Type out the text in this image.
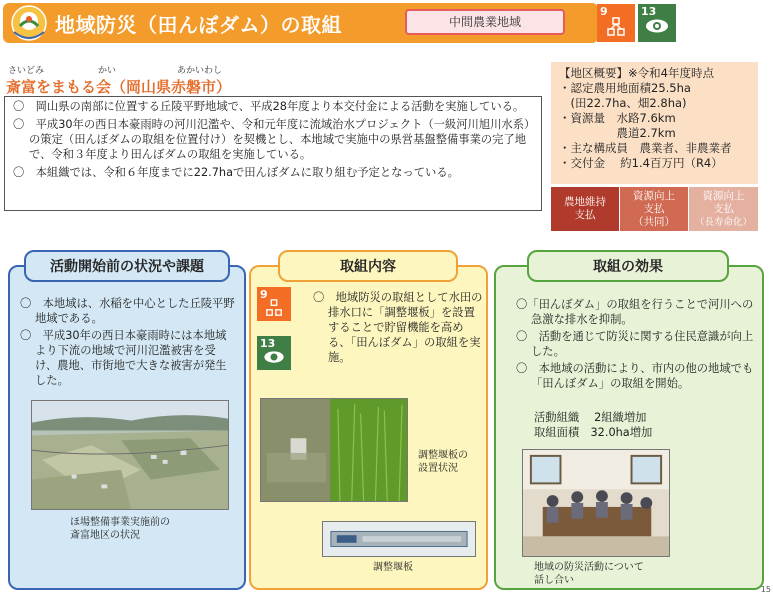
地域防災（田んぼダム）の取組	中間農業地域
9	13
さいどみ	かい	あかいわし
斎富をまもる会（岡山県赤磐市）

〇　岡山県の南部に位置する丘陵平野地域で、平成28年度より本交付金による活動を実施している。

〇　平成30年の西日本豪雨時の河川氾濫や、令和元年度に流域治水プロジェクト（一級河川旭川水系）の策定（田んぼダムの取組を位置付け）を契機とし、本地域で実施中の県営基盤整備事業の完了地で、令和３年度より田んぼダムの取組を実施している。

〇　本組織では、令和６年度までに22.7haで田んぼダムに取り組む予定となっている。

【地区概要】※令和4年度時点
・認定農用地面積25.5ha
　(田22.7ha、畑2.8ha)
・資源量　水路7.6km
　　　　　農道2.7km
・主な構成員　農業者、非農業者
・交付金　 約1.4百万円（R4）
農地維持
支払
資源向上
支払
（共同）
資源向上
支払
（長寿命化）
活動開始前の状況や課題

〇　本地域は、水稲を中心とした丘陵平野地域である。

〇　平成30年の西日本豪雨時には本地域より下流の地域で河川氾濫被害を受け、農地、市街地で大きな被害が発生した。

ほ場整備事業実施前の
斎富地区の状況
取組内容
9
13

〇　地域防災の取組として水田の排水口に「調整堰板」を設置することで貯留機能を高める、「田んぼダム」の取組を実施。

調整堰板の
設置状況
調整堰板
取組の効果

〇「田んぼダム」の取組を行うことで河川への急激な排水を抑制。

〇　活動を通じて防災に関する住民意識が向上した。

〇　本地域の活動により、市内の他の地域でも「田んぼダム」の取組を開始。

活動組織　 2組織増加
取組面積　32.0ha増加
地域の防災活動について
話し合い
15
